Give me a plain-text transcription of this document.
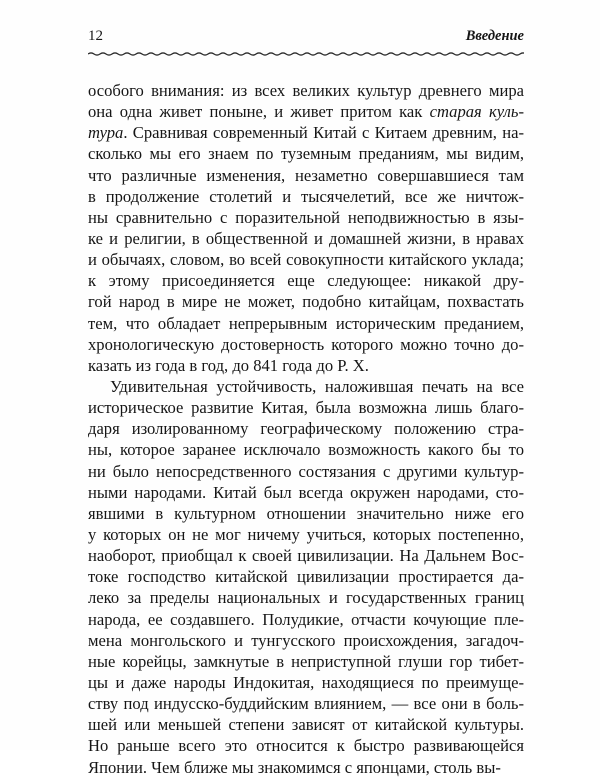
12	Введение
особого внимания: из всех великих культур древнего мира
она одна живет поныне, и живет притом как старая куль-
тура. Сравнивая современный Китай с Китаем древним, на-
сколько мы его знаем по туземным преданиям, мы видим,
что различные изменения, незаметно совершавшиеся там
в продолжение столетий и тысячелетий, все же ничтож-
ны сравнительно с поразительной неподвижностью в язы-
ке и религии, в общественной и домашней жизни, в нравах
и обычаях, словом, во всей совокупности китайского уклада;
к этому присоединяется еще следующее: никакой дру-
гой народ в мире не может, подобно китайцам, похвастать
тем, что обладает непрерывным историческим преданием,
хронологическую достоверность которого можно точно до-
казать из года в год, до 841 года до Р. Х.
Удивительная устойчивость, наложившая печать на все
историческое развитие Китая, была возможна лишь благо-
даря изолированному географическому положению стра-
ны, которое заранее исключало возможность какого бы то
ни было непосредственного состязания с другими культур-
ными народами. Китай был всегда окружен народами, сто-
явшими в культурном отношении значительно ниже его
у которых он не мог ничему учиться, которых постепенно,
наоборот, приобщал к своей цивилизации. На Дальнем Вос-
токе господство китайской цивилизации простирается да-
леко за пределы национальных и государственных границ
народа, ее создавшего. Полудикие, отчасти кочующие пле-
мена монгольского и тунгусского происхождения, загадоч-
ные корейцы, замкнутые в неприступной глуши гор тибет-
цы и даже народы Индокитая, находящиеся по преимуще-
ству под индусско-буддийским влиянием, — все они в боль-
шей или меньшей степени зависят от китайской культуры.
Но раньше всего это относится к быстро развивающейся
Японии. Чем ближе мы знакомимся с японцами, столь вы-
